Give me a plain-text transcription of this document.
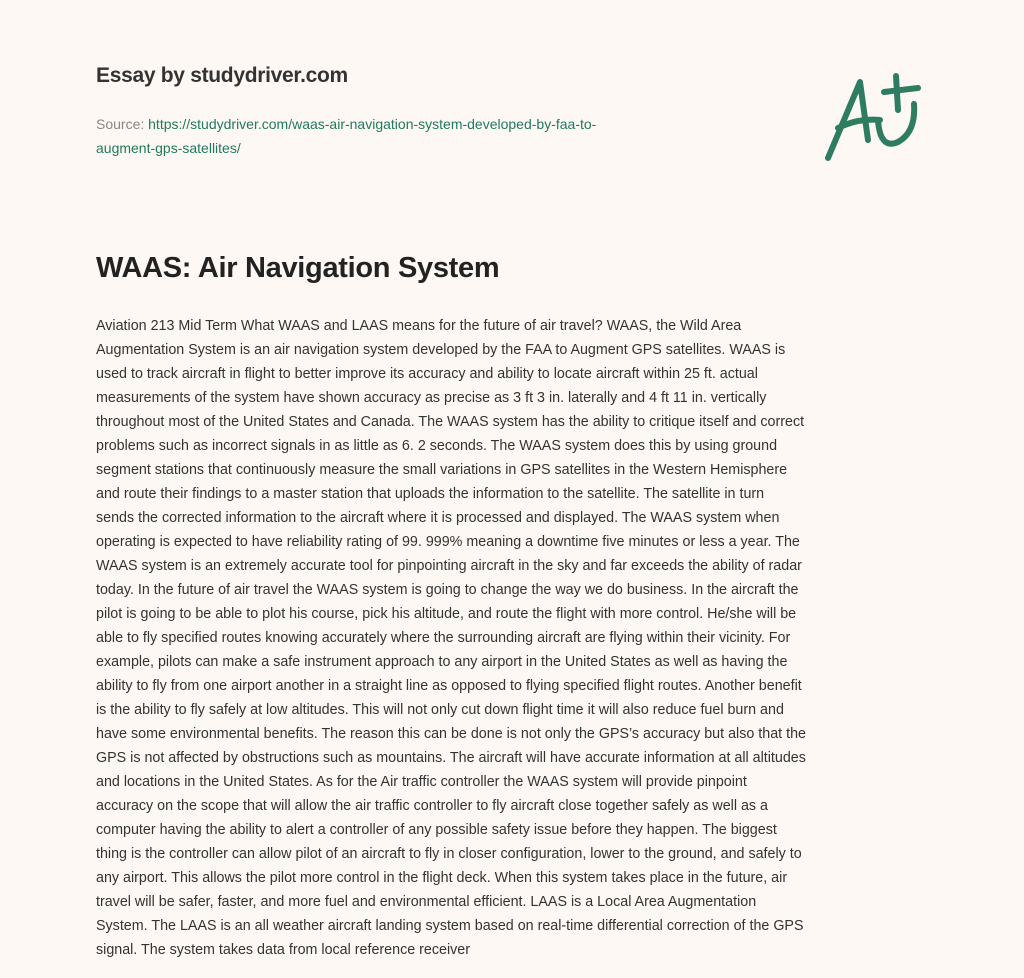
Essay by studydriver.com
Source: https://studydriver.com/waas-air-navigation-system-developed-by-faa-to-
augment-gps-satellites/
WAAS: Air Navigation System
Aviation 213 Mid Term What WAAS and LAAS means for the future of air travel? WAAS, the Wild Area
Augmentation System is an air navigation system developed by the FAA to Augment GPS satellites. WAAS is
used to track aircraft in flight to better improve its accuracy and ability to locate aircraft within 25 ft. actual
measurements of the system have shown accuracy as precise as 3 ft 3 in. laterally and 4 ft 11 in. vertically
throughout most of the United States and Canada. The WAAS system has the ability to critique itself and correct
problems such as incorrect signals in as little as 6. 2 seconds. The WAAS system does this by using ground
segment stations that continuously measure the small variations in GPS satellites in the Western Hemisphere
and route their findings to a master station that uploads the information to the satellite. The satellite in turn
sends the corrected information to the aircraft where it is processed and displayed. The WAAS system when
operating is expected to have reliability rating of 99. 999% meaning a downtime five minutes or less a year. The
WAAS system is an extremely accurate tool for pinpointing aircraft in the sky and far exceeds the ability of radar
today. In the future of air travel the WAAS system is going to change the way we do business. In the aircraft the
pilot is going to be able to plot his course, pick his altitude, and route the flight with more control. He/she will be
able to fly specified routes knowing accurately where the surrounding aircraft are flying within their vicinity. For
example, pilots can make a safe instrument approach to any airport in the United States as well as having the
ability to fly from one airport another in a straight line as opposed to flying specified flight routes. Another benefit
is the ability to fly safely at low altitudes. This will not only cut down flight time it will also reduce fuel burn and
have some environmental benefits. The reason this can be done is not only the GPS’s accuracy but also that the
GPS is not affected by obstructions such as mountains. The aircraft will have accurate information at all altitudes
and locations in the United States. As for the Air traffic controller the WAAS system will provide pinpoint
accuracy on the scope that will allow the air traffic controller to fly aircraft close together safely as well as a
computer having the ability to alert a controller of any possible safety issue before they happen. The biggest
thing is the controller can allow pilot of an aircraft to fly in closer configuration, lower to the ground, and safely to
any airport. This allows the pilot more control in the flight deck. When this system takes place in the future, air
travel will be safer, faster, and more fuel and environmental efficient. LAAS is a Local Area Augmentation
System. The LAAS is an all weather aircraft landing system based on real-time differential correction of the GPS
signal. The system takes data from local reference receiver
